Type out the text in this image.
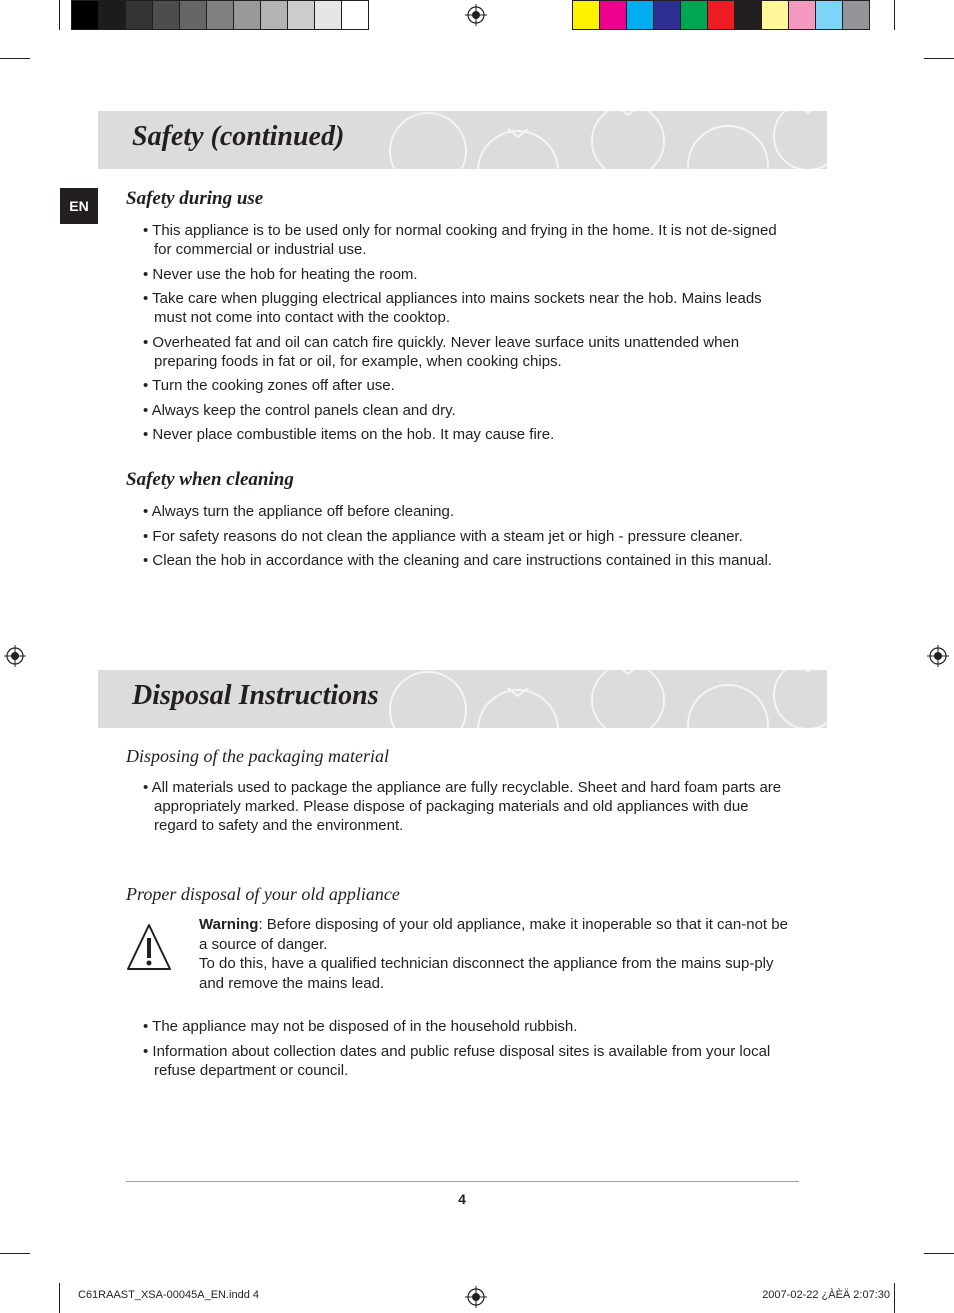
Safety (continued)
EN	Safety during use
• This appliance is to be used only for normal cooking and frying in the home. It is not de-signed for commercial or industrial use.
• Never use the hob for heating the room.
• Take care when plugging electrical appliances into mains sockets near the hob. Mains leads must not come into contact with the cooktop.
• Overheated fat and oil can catch fire quickly. Never leave surface units unattended when preparing foods in fat or oil, for example, when cooking chips.
• Turn the cooking zones off after use.
• Always keep the control panels clean and dry.
• Never place combustible items on the hob. It may cause fire.
Safety when cleaning
• Always turn the appliance off before cleaning.
• For safety reasons do not clean the appliance with a steam jet or high - pressure cleaner.
• Clean the hob in accordance with the cleaning and care instructions contained in this manual.
Disposal Instructions
Disposing of the packaging material
• All materials used to package the appliance are fully recyclable. Sheet and hard foam parts are appropriately marked. Please dispose of packaging materials and old appliances with due regard to safety and the environment.
Proper disposal of your old appliance
Warning: Before disposing of your old appliance, make it inoperable so that it can-not be a source of danger.
To do this, have a qualified technician disconnect the appliance from the mains sup-ply and remove the mains lead.
• The appliance may not be disposed of in the household rubbish.
• Information about collection dates and public refuse disposal sites is available from your local refuse department or council.
4
C61RAAST_XSA-00045A_EN.indd 4	2007-02-22 ¿ÀÈÄ 2:07:30
